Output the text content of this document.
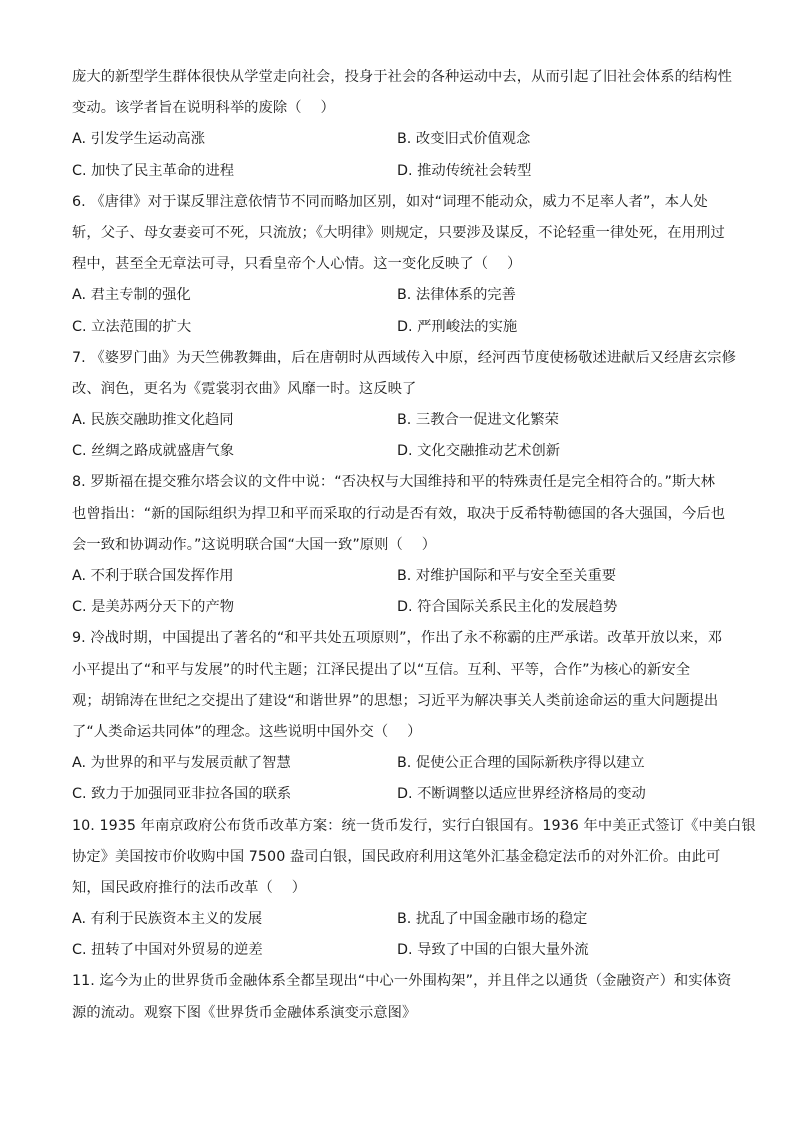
庞大的新型学生群体很快从学堂走向社会，投身于社会的各种运动中去，从而引起了旧社会体系的结构性
变动。该学者旨在说明科举的废除（　 ）
A. 引发学生运动高涨	B. 改变旧式价值观念
C. 加快了民主革命的进程	D. 推动传统社会转型
6. 《唐律》对于谋反罪注意依情节不同而略加区别，如对“词理不能动众，威力不足率人者”，本人处
斩，父子、母女妻妾可不死，只流放；《大明律》则规定，只要涉及谋反，不论轻重一律处死，在用刑过
程中，甚至全无章法可寻，只看皇帝个人心情。这一变化反映了（　 ）
A. 君主专制的强化	B. 法律体系的完善
C. 立法范围的扩大	D. 严刑峻法的实施
7. 《婆罗门曲》为天竺佛教舞曲，后在唐朝时从西域传入中原，经河西节度使杨敬述进献后又经唐玄宗修
改、润色，更名为《霓裳羽衣曲》风靡一时。这反映了
A. 民族交融助推文化趋同	B. 三教合一促进文化繁荣
C. 丝绸之路成就盛唐气象	D. 文化交融推动艺术创新
8. 罗斯福在提交雅尔塔会议的文件中说：“否决权与大国维持和平的特殊责任是完全相符合的。”斯大林
也曾指出：“新的国际组织为捍卫和平而采取的行动是否有效，取决于反希特勒德国的各大强国，今后也
会一致和协调动作。”这说明联合国“大国一致”原则（　 ）
A. 不利于联合国发挥作用	B. 对维护国际和平与安全至关重要
C. 是美苏两分天下的产物	D. 符合国际关系民主化的发展趋势
9. 冷战时期，中国提出了著名的“和平共处五项原则”，作出了永不称霸的庄严承诺。改革开放以来，邓
小平提出了“和平与发展”的时代主题；江泽民提出了以“互信。互利、平等，合作”为核心的新安全
观；胡锦涛在世纪之交提出了建设“和谐世界”的思想；习近平为解决事关人类前途命运的重大问题提出
了“人类命运共同体”的理念。这些说明中国外交（　 ）
A. 为世界的和平与发展贡献了智慧	B. 促使公正合理的国际新秩序得以建立
C. 致力于加强同亚非拉各国的联系	D. 不断调整以适应世界经济格局的变动
10. 1935 年南京政府公布货币改革方案：统一货币发行，实行白银国有。1936 年中美正式签订《中美白银
协定》美国按市价收购中国 7500 盎司白银，国民政府利用这笔外汇基金稳定法币的对外汇价。由此可
知，国民政府推行的法币改革（　 ）
A. 有利于民族资本主义的发展	B. 扰乱了中国金融市场的稳定
C. 扭转了中国对外贸易的逆差	D. 导致了中国的白银大量外流
11. 迄今为止的世界货币金融体系全都呈现出“中心一外围构架”，并且伴之以通货（金融资产）和实体资
源的流动。观察下图《世界货币金融体系演变示意图》
